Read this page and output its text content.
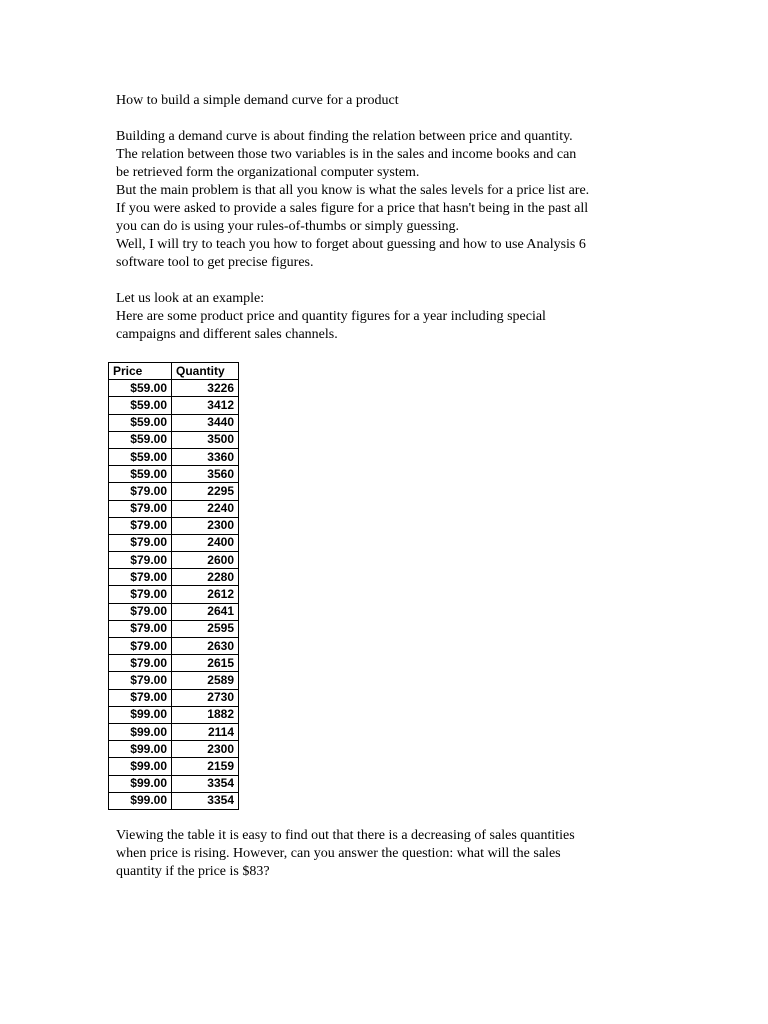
How to build a simple demand curve for a product
Building a demand curve is about finding the relation between price and quantity.
The relation between those two variables is in the sales and income books and can
be retrieved form the organizational computer system.
But the main problem is that all you know is what the sales levels for a price list are.
If you were asked to provide a sales figure for a price that hasn't being in the past all
you can do is using your rules-of-thumbs or simply guessing.
Well, I will try to teach you how to forget about guessing and how to use Analysis 6
software tool to get precise figures.
Let us look at an example:
Here are some product price and quantity figures for a year including special
campaigns and different sales channels.
Price	Quantity
$59.00	3226
$59.00	3412
$59.00	3440
$59.00	3500
$59.00	3360
$59.00	3560
$79.00	2295
$79.00	2240
$79.00	2300
$79.00	2400
$79.00	2600
$79.00	2280
$79.00	2612
$79.00	2641
$79.00	2595
$79.00	2630
$79.00	2615
$79.00	2589
$79.00	2730
$99.00	1882
$99.00	2114
$99.00	2300
$99.00	2159
$99.00	3354
$99.00	3354
Viewing the table it is easy to find out that there is a decreasing of sales quantities
when price is rising. However, can you answer the question: what will the sales
quantity if the price is $83?
